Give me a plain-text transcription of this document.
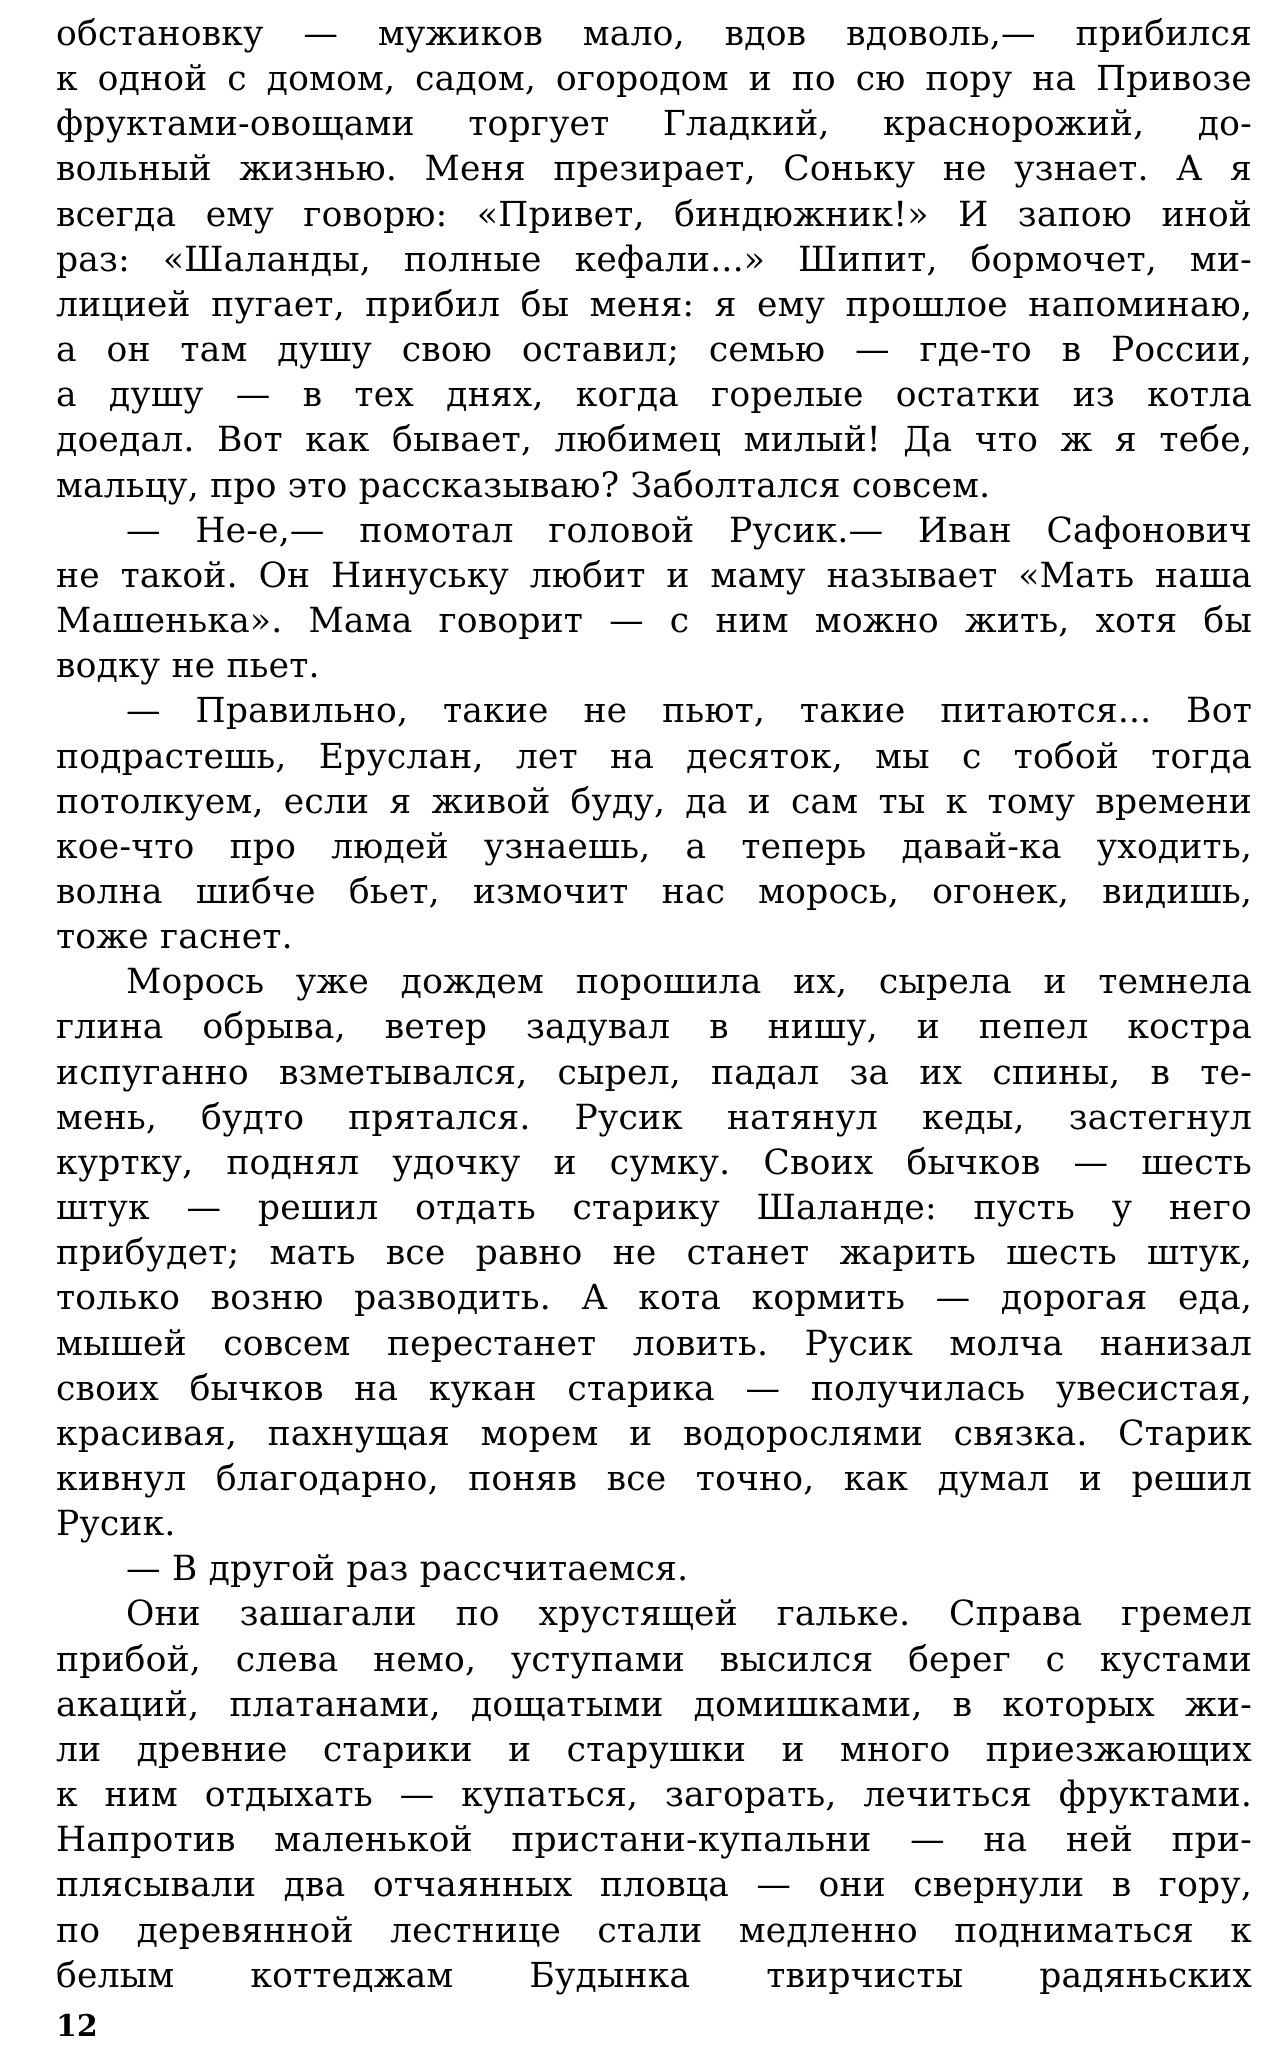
обстановку — мужиков мало, вдов вдоволь,— прибился
к одной с домом, садом, огородом и по сю пору на Привозе
фруктами-овощами торгует Гладкий, краснорожий, до-
вольный жизнью. Меня презирает, Соньку не узнает. А я
всегда ему говорю: «Привет, биндюжник!» И запою иной
раз: «Шаланды, полные кефали...» Шипит, бормочет, ми-
лицией пугает, прибил бы меня: я ему прошлое напоминаю,
а он там душу свою оставил; семью — где-то в России,
а душу — в тех днях, когда горелые остатки из котла
доедал. Вот как бывает, любимец милый! Да что ж я тебе,
мальцу, про это рассказываю? Заболтался совсем.
— Не-е,— помотал головой Русик.— Иван Сафонович
не такой. Он Нинуську любит и маму называет «Мать наша
Машенька». Мама говорит — с ним можно жить, хотя бы
водку не пьет.
— Правильно, такие не пьют, такие питаются... Вот
подрастешь, Еруслан, лет на десяток, мы с тобой тогда
потолкуем, если я живой буду, да и сам ты к тому времени
кое-что про людей узнаешь, а теперь давай-ка уходить,
волна шибче бьет, измочит нас морось, огонек, видишь,
тоже гаснет.
Морось уже дождем порошила их, сырела и темнела
глина обрыва, ветер задувал в нишу, и пепел костра
испуганно взметывался, сырел, падал за их спины, в те-
мень, будто прятался. Русик натянул кеды, застегнул
куртку, поднял удочку и сумку. Своих бычков — шесть
штук — решил отдать старику Шаланде: пусть у него
прибудет; мать все равно не станет жарить шесть штук,
только возню разводить. А кота кормить — дорогая еда,
мышей совсем перестанет ловить. Русик молча нанизал
своих бычков на кукан старика — получилась увесистая,
красивая, пахнущая морем и водорослями связка. Старик
кивнул благодарно, поняв все точно, как думал и решил
Русик.
— В другой раз рассчитаемся.
Они зашагали по хрустящей гальке. Справа гремел
прибой, слева немо, уступами высился берег с кустами
акаций, платанами, дощатыми домишками, в которых жи-
ли древние старики и старушки и много приезжающих
к ним отдыхать — купаться, загорать, лечиться фруктами.
Напротив маленькой пристани-купальни — на ней при-
плясывали два отчаянных пловца — они свернули в гору,
по деревянной лестнице стали медленно подниматься к
белым коттеджам Будынка твирчисты радяньских
12
